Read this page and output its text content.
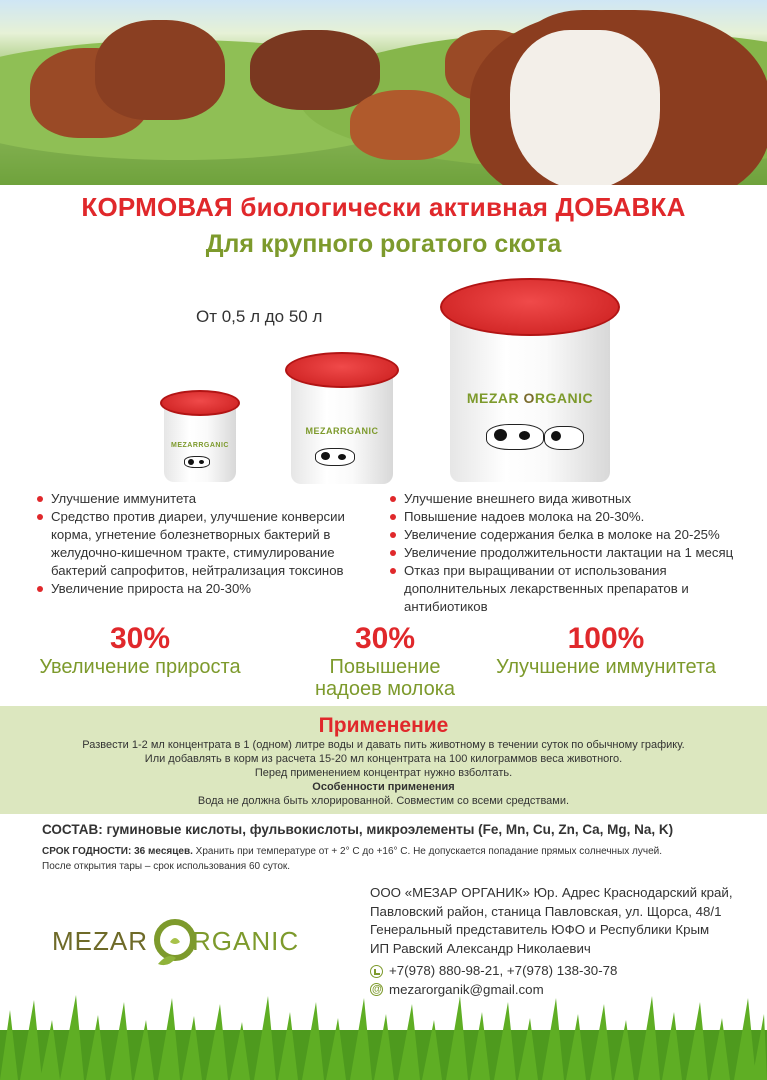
КОРМОВАЯ биологически активная ДОБАВКА
Для крупного рогатого скота
От 0,5 л до 50 л
MEZARRGANIC
MEZARRGANIC
MEZAR ORGANIC
Улучшение иммунитета
Средство против диареи, улучшение конверсии корма, угнетение болезнетворных бактерий в желудочно-кишечном тракте, стимулирование бактерий сапрофитов, нейтрализация токсинов
Увеличение прироста на 20-30%
Улучшение внешнего вида животных
Повышение надоев молока на 20-30%.
Увеличение содержания белка в молоке на 20-25%
Увеличение продолжительности лактации на 1 месяц
Отказ при выращивании от использования дополнительных лекарственных препаратов и антибиотиков
30%
Увеличение прироста
30%
Повышение
надоев молока
100%
Улучшение иммунитета
Применение
Развести 1-2 мл концентрата в 1 (одном) литре воды и давать пить животному в течении суток по обычному графику.
Или добавлять в корм из расчета 15-20 мл концентрата на 100 килограммов веса животного.
Перед применением концентрат нужно взболтать.
Особенности применения
Вода не должна быть хлорированной. Совместим со всеми средствами.
СОСТАВ: гуминовые кислоты, фульвокислоты, микроэлементы (Fe, Mn, Cu, Zn, Ca, Mg, Na, K)
СРОК ГОДНОСТИ: 36 месяцев. Хранить при температуре от + 2° С до +16° С. Не допускается попадание прямых солнечных лучей.
После открытия тары – срок использования 60 суток.
MEZAR RGANIC
ООО «МЕЗАР ОРГАНИК» Юр. Адрес Краснодарский край,
Павловский район, станица Павловская, ул. Щорса, 48/1
Генеральный представитель ЮФО и Республики Крым
ИП Равский Александр Николаевич
+7(978) 880-98-21, +7(978) 138-30-78
@
mezarorganik@gmail.com
